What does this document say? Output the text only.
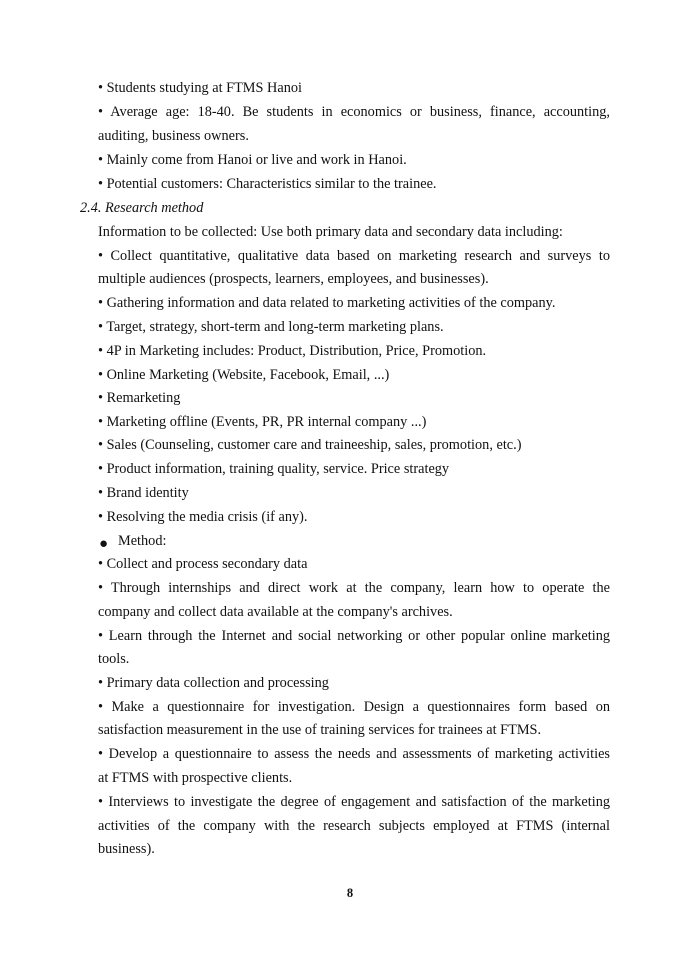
• Students studying at FTMS Hanoi
• Average age: 18-40. Be students in economics or business, finance, accounting,
auditing, business owners.
• Mainly come from Hanoi or live and work in Hanoi.
• Potential customers: Characteristics similar to the trainee.
2.4. Research method
Information to be collected: Use both primary data and secondary data including:
• Collect quantitative, qualitative data based on marketing research and surveys to
multiple audiences (prospects, learners, employees, and businesses).
• Gathering information and data related to marketing activities of the company.
• Target, strategy, short-term and long-term marketing plans.
• 4P in Marketing includes: Product, Distribution, Price, Promotion.
• Online Marketing (Website, Facebook, Email, ...)
• Remarketing
• Marketing offline (Events, PR, PR internal company ...)
• Sales (Counseling, customer care and traineeship, sales, promotion, etc.)
• Product information, training quality, service. Price strategy
• Brand identity
• Resolving the media crisis (if any).
● Method:
• Collect and process secondary data
• Through internships and direct work at the company, learn how to operate the
company and collect data available at the company's archives.
• Learn through the Internet and social networking or other popular online marketing
tools.
• Primary data collection and processing
• Make a questionnaire for investigation. Design a questionnaires form based on
satisfaction measurement in the use of training services for trainees at FTMS.
• Develop a questionnaire to assess the needs and assessments of marketing activities
at FTMS with prospective clients.
• Interviews to investigate the degree of engagement and satisfaction of the marketing
activities of the company with the research subjects employed at FTMS (internal
business).
8
